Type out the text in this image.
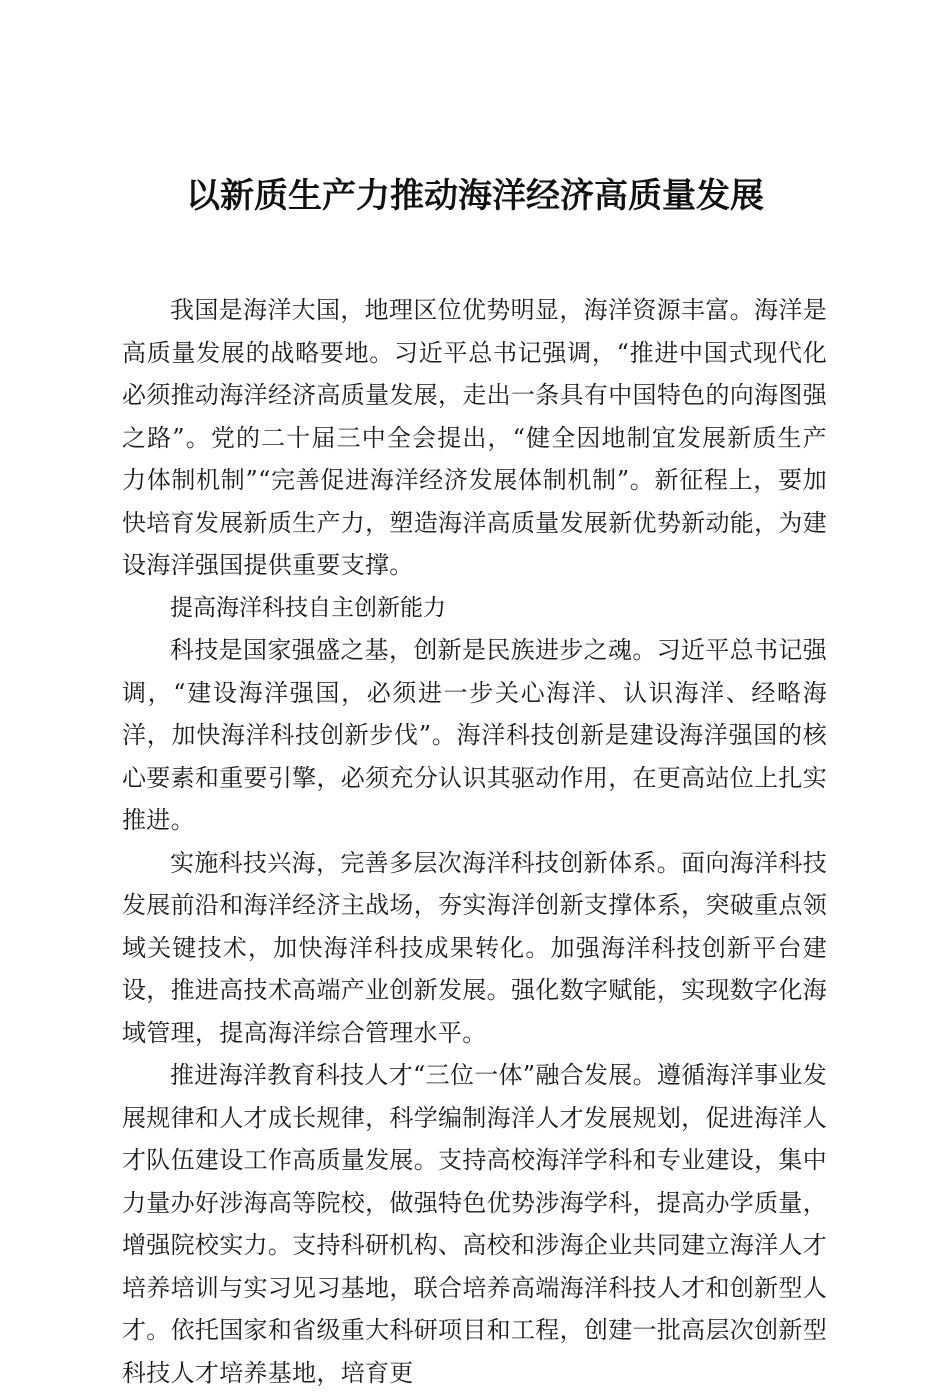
以新质生产力推动海洋经济高质量发展

我国是海洋大国，地理区位优势明显，海洋资源丰富。海洋是高质量发展的战略要地。习近平总书记强调，“推进中国式现代化必须推动海洋经济高质量发展，走出一条具有中国特色的向海图强之路”。党的二十届三中全会提出，“健全因地制宜发展新质生产力体制机制”“完善促进海洋经济发展体制机制”。新征程上，要加快培育发展新质生产力，塑造海洋高质量发展新优势新动能，为建设海洋强国提供重要支撑。

提高海洋科技自主创新能力

科技是国家强盛之基，创新是民族进步之魂。习近平总书记强调，“建设海洋强国，必须进一步关心海洋、认识海洋、经略海洋，加快海洋科技创新步伐”。海洋科技创新是建设海洋强国的核心要素和重要引擎，必须充分认识其驱动作用，在更高站位上扎实推进。

实施科技兴海，完善多层次海洋科技创新体系。面向海洋科技发展前沿和海洋经济主战场，夯实海洋创新支撑体系，突破重点领域关键技术，加快海洋科技成果转化。加强海洋科技创新平台建设，推进高技术高端产业创新发展。强化数字赋能，实现数字化海域管理，提高海洋综合管理水平。

推进海洋教育科技人才“三位一体”融合发展。遵循海洋事业发展规律和人才成长规律，科学编制海洋人才发展规划，促进海洋人才队伍建设工作高质量发展。支持高校海洋学科和专业建设，集中力量办好涉海高等院校，做强特色优势涉海学科，提高办学质量，增强院校实力。支持科研机构、高校和涉海企业共同建立海洋人才培养培训与实习见习基地，联合培养高端海洋科技人才和创新型人才。依托国家和省级重大科研项目和工程，创建一批高层次创新型科技人才培养基地，培育更
